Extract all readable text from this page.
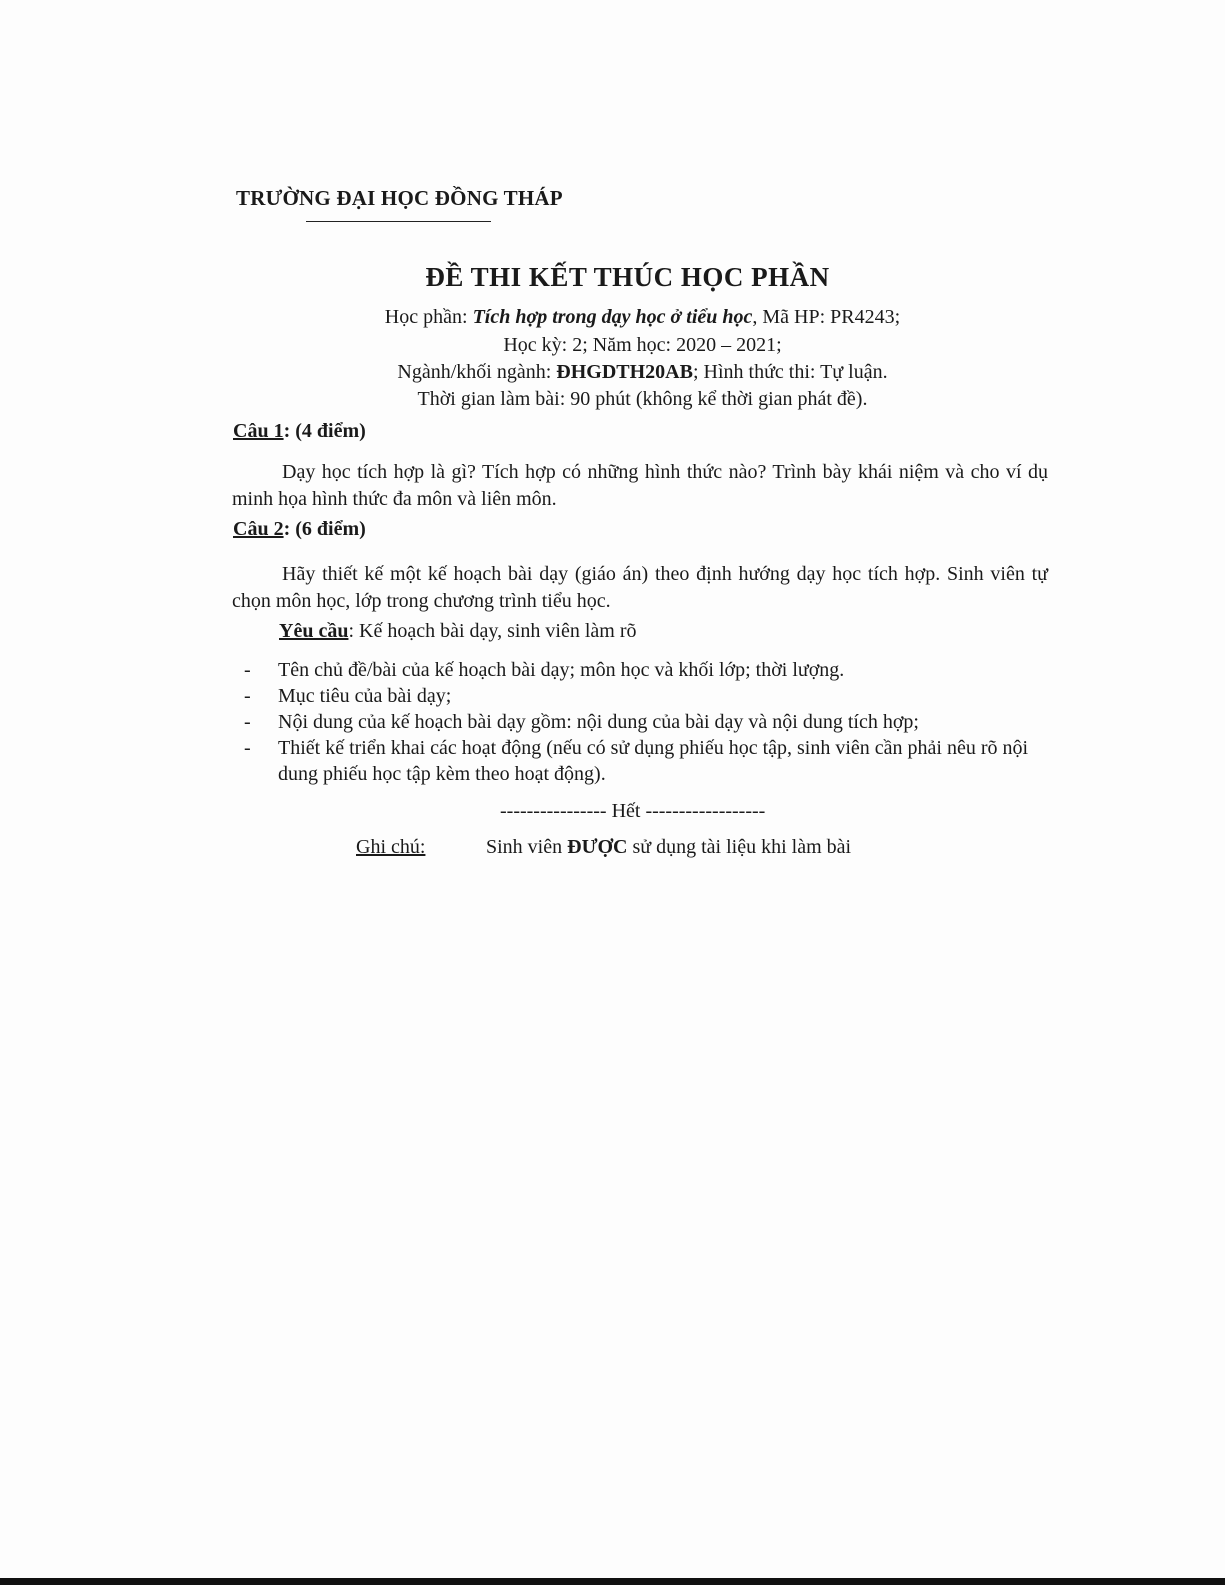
TRƯỜNG ĐẠI HỌC ĐỒNG THÁP
ĐỀ THI KẾT THÚC HỌC PHẦN
Học phần: Tích hợp trong dạy học ở tiểu học, Mã HP: PR4243;
Học kỳ: 2; Năm học: 2020 – 2021;
Ngành/khối ngành: ĐHGDTH20AB; Hình thức thi: Tự luận.
Thời gian làm bài: 90 phút (không kể thời gian phát đề).
Câu 1: (4 điểm)
Dạy học tích hợp là gì? Tích hợp có những hình thức nào? Trình bày khái niệm và cho ví dụ minh họa hình thức đa môn và liên môn.
Câu 2: (6 điểm)
Hãy thiết kế một kế hoạch bài dạy (giáo án) theo định hướng dạy học tích hợp. Sinh viên tự chọn môn học, lớp trong chương trình tiểu học.
Yêu cầu: Kế hoạch bài dạy, sinh viên làm rõ
- Tên chủ đề/bài của kế hoạch bài dạy; môn học và khối lớp; thời lượng.
- Mục tiêu của bài dạy;
- Nội dung của kế hoạch bài dạy gồm: nội dung của bài dạy và nội dung tích hợp;
- Thiết kế triển khai các hoạt động (nếu có sử dụng phiếu học tập, sinh viên cần phải nêu rõ nội dung phiếu học tập kèm theo hoạt động).
---------------- Hết ------------------
Ghi chú:	Sinh viên ĐƯỢC sử dụng tài liệu khi làm bài
